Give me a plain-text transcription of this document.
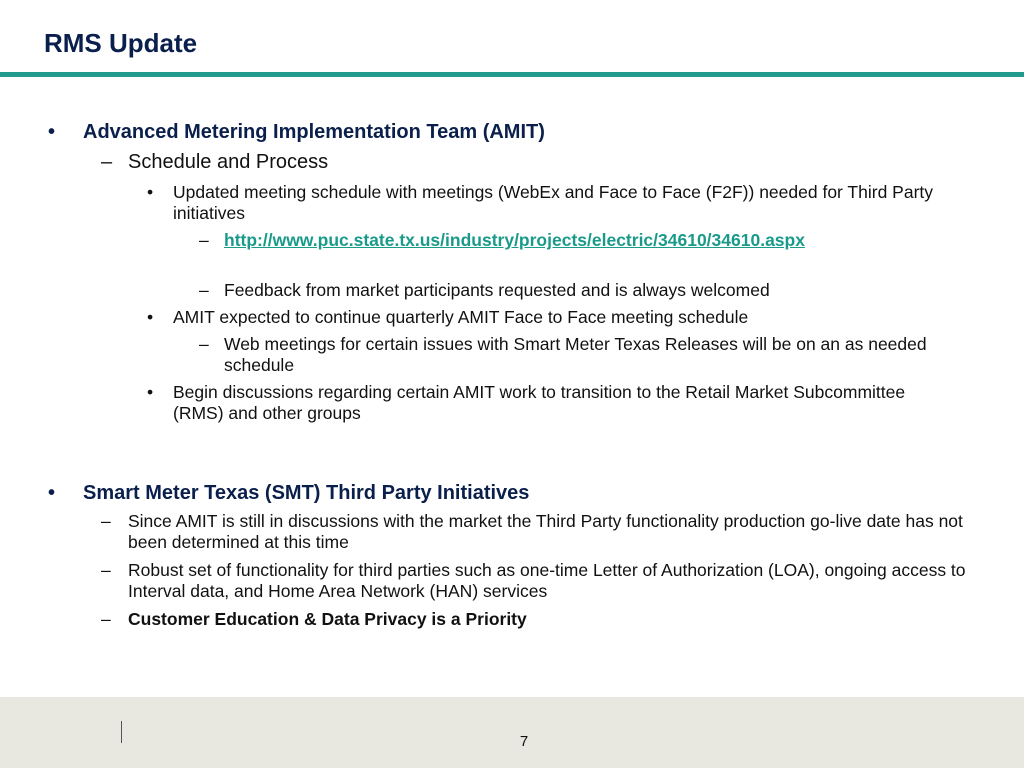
RMS Update
• Advanced Metering Implementation Team (AMIT)
– Schedule and Process
• Updated meeting schedule with meetings (WebEx and Face to Face (F2F)) needed for Third Party initiatives
– http://www.puc.state.tx.us/industry/projects/electric/34610/34610.aspx
– Feedback from market participants requested and is always welcomed
• AMIT expected to continue quarterly AMIT Face to Face meeting schedule
– Web meetings for certain issues with Smart Meter Texas Releases will be on an as needed schedule
• Begin discussions regarding certain AMIT work to transition to the Retail Market Subcommittee (RMS) and other groups
• Smart Meter Texas (SMT) Third Party Initiatives
– Since AMIT is still in discussions with the market the Third Party functionality production go-live date has not been determined at this time
– Robust set of functionality for third parties such as one-time Letter of Authorization (LOA), ongoing access to Interval data, and Home Area Network (HAN) services
– Customer Education & Data Privacy is a Priority
7
